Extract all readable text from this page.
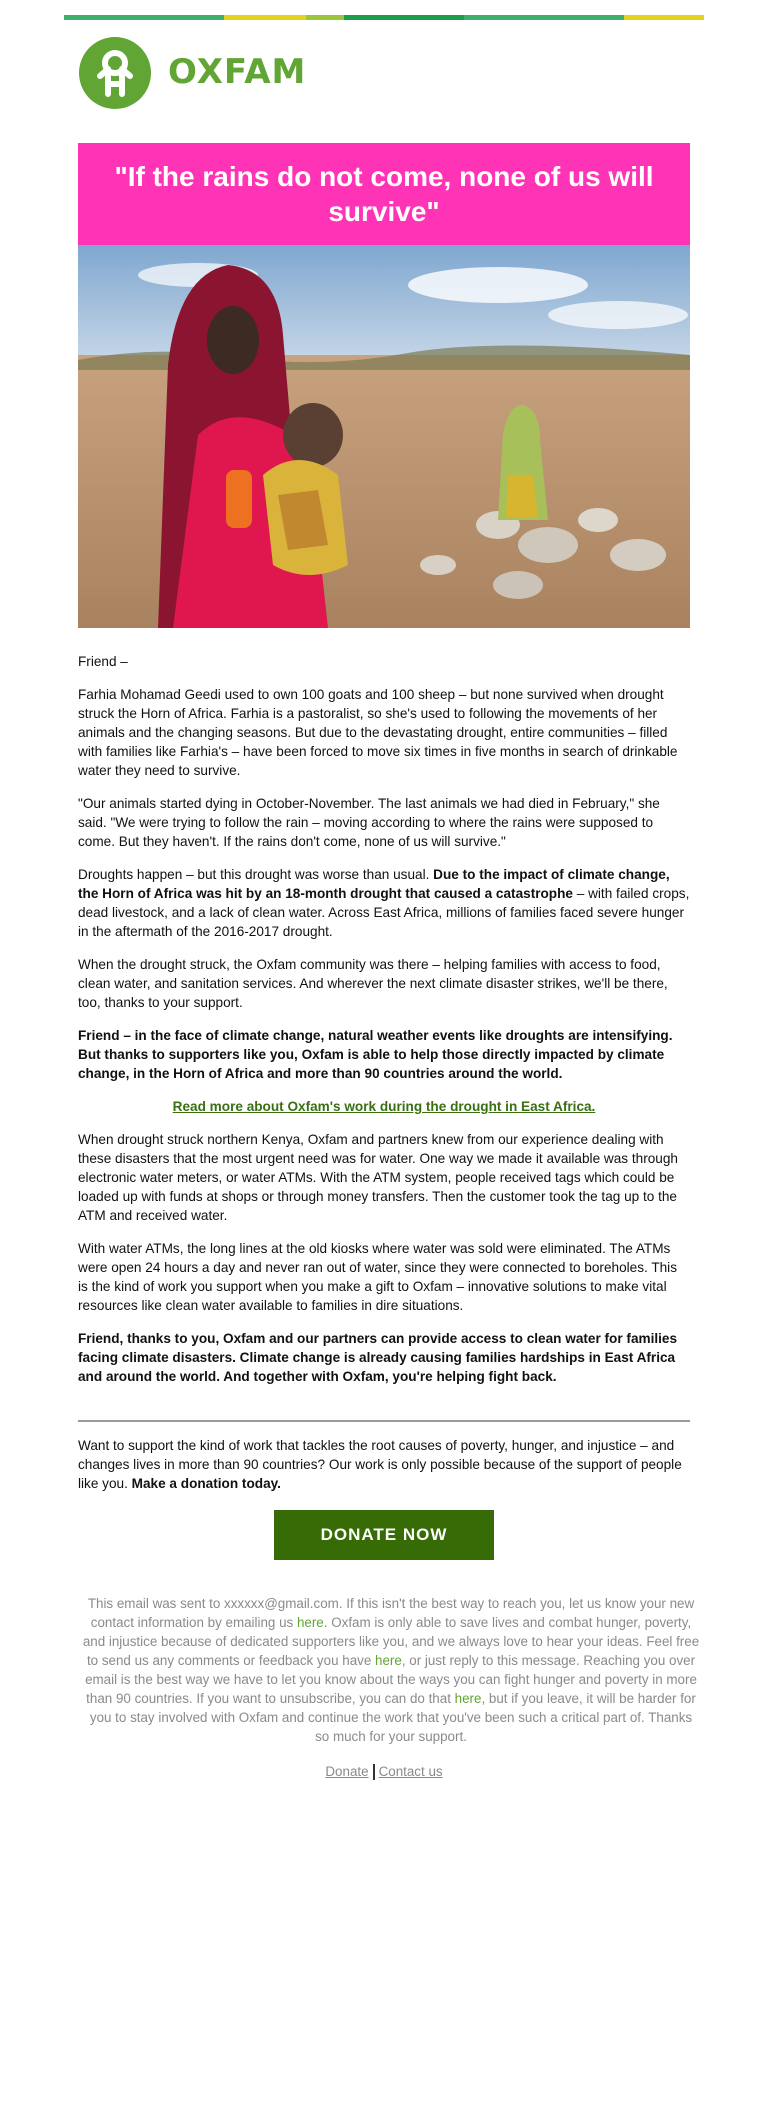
OXFAM
"If the rains do not come, none of us will survive"

Friend –

Farhia Mohamad Geedi used to own 100 goats and 100 sheep – but none survived when drought struck the Horn of Africa. Farhia is a pastoralist, so she's used to following the movements of her animals and the changing seasons. But due to the devastating drought, entire communities – filled with families like Farhia's – have been forced to move six times in five months in search of drinkable water they need to survive.

"Our animals started dying in October-November. The last animals we had died in February," she said. "We were trying to follow the rain – moving according to where the rains were supposed to come. But they haven't. If the rains don't come, none of us will survive."

Droughts happen – but this drought was worse than usual. Due to the impact of climate change, the Horn of Africa was hit by an 18-month drought that caused a catastrophe – with failed crops, dead livestock, and a lack of clean water. Across East Africa, millions of families faced severe hunger in the aftermath of the 2016-2017 drought.

When the drought struck, the Oxfam community was there – helping families with access to food, clean water, and sanitation services. And wherever the next climate disaster strikes, we'll be there, too, thanks to your support.

Friend – in the face of climate change, natural weather events like droughts are intensifying. But thanks to supporters like you, Oxfam is able to help those directly impacted by climate change, in the Horn of Africa and more than 90 countries around the world.

Read more about Oxfam's work during the drought in East Africa.

When drought struck northern Kenya, Oxfam and partners knew from our experience dealing with these disasters that the most urgent need was for water. One way we made it available was through electronic water meters, or water ATMs. With the ATM system, people received tags which could be loaded up with funds at shops or through money transfers. Then the customer took the tag up to the ATM and received water.

With water ATMs, the long lines at the old kiosks where water was sold were eliminated. The ATMs were open 24 hours a day and never ran out of water, since they were connected to boreholes. This is the kind of work you support when you make a gift to Oxfam – innovative solutions to make vital resources like clean water available to families in dire situations.

Friend, thanks to you, Oxfam and our partners can provide access to clean water for families facing climate disasters. Climate change is already causing families hardships in East Africa and around the world. And together with Oxfam, you're helping fight back.

Want to support the kind of work that tackles the root causes of poverty, hunger, and injustice – and changes lives in more than 90 countries? Our work is only possible because of the support of people like you. Make a donation today.

DONATE NOW

This email was sent to xxxxxx@gmail.com. If this isn't the best way to reach you, let us know your new contact information by emailing us here. Oxfam is only able to save lives and combat hunger, poverty, and injustice because of dedicated supporters like you, and we always love to hear your ideas. Feel free to send us any comments or feedback you have here, or just reply to this message. Reaching you over email is the best way we have to let you know about the ways you can fight hunger and poverty in more than 90 countries. If you want to unsubscribe, you can do that here, but if you leave, it will be harder for you to stay involved with Oxfam and continue the work that you've been such a critical part of. Thanks so much for your support.

Donate Contact us
